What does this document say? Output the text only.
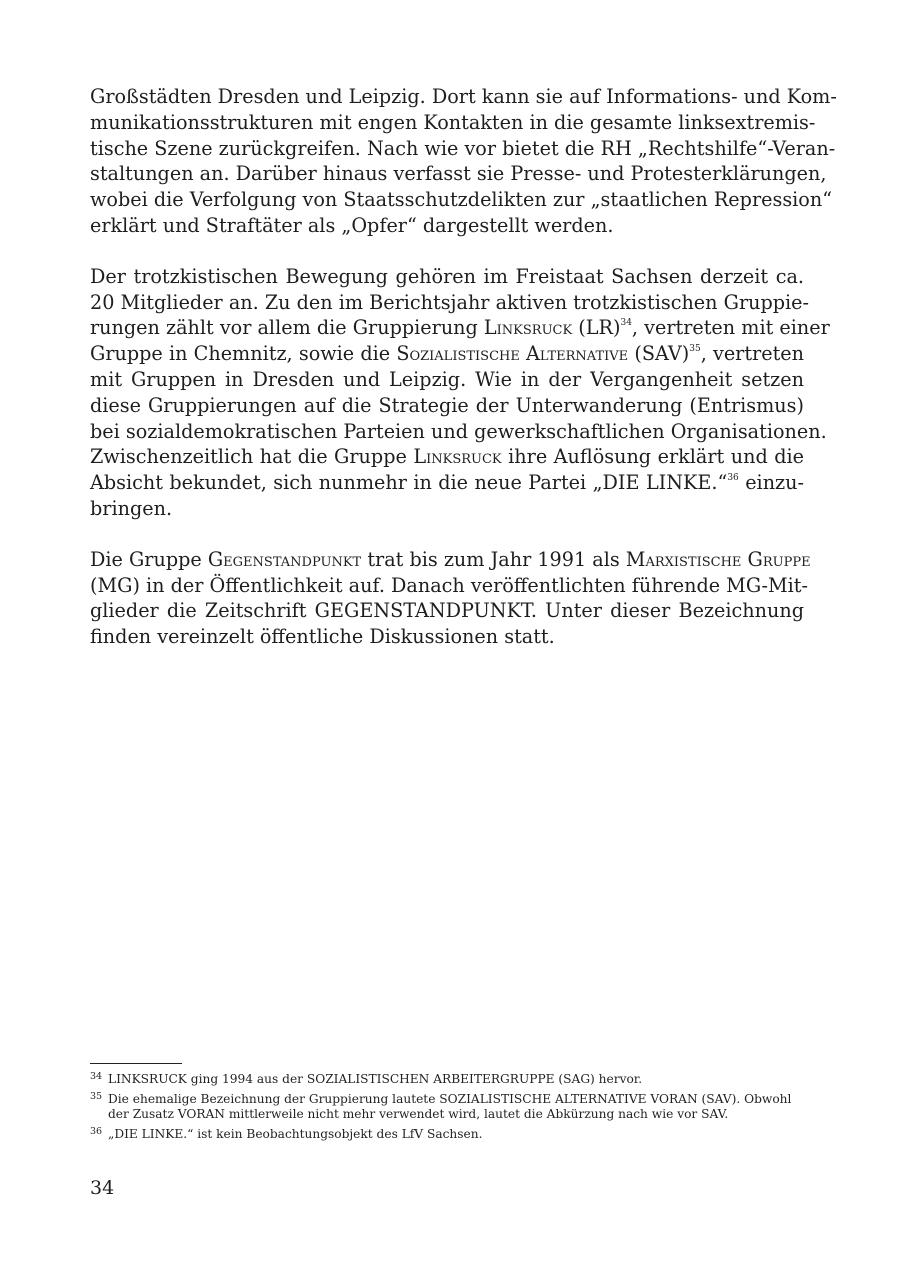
Großstädten Dresden und Leipzig. Dort kann sie auf Informations- und Kom-
munikationsstrukturen mit engen Kontakten in die gesamte linksextremis-
tische Szene zurückgreifen. Nach wie vor bietet die RH „Rechtshilfe“-Veran-
staltungen an. Darüber hinaus verfasst sie Presse- und Protesterklärungen,
wobei die Verfolgung von Staatsschutzdelikten zur „staatlichen Repression“
erklärt und Straftäter als „Opfer“ dargestellt werden.

Der trotzkistischen Bewegung gehören im Freistaat Sachsen derzeit ca.
20 Mitglieder an. Zu den im Berichtsjahr aktiven trotzkistischen Gruppie-
rungen zählt vor allem die Gruppierung Linksruck (LR)$^{34}$, vertreten mit einer
Gruppe in Chemnitz, sowie die Sozialistische Alternative (SAV)$^{35}$, vertreten
mit Gruppen in Dresden und Leipzig. Wie in der Vergangenheit setzen
diese Gruppierungen auf die Strategie der Unterwanderung (Entrismus)
bei sozialdemokratischen Parteien und gewerkschaftlichen Organisationen.
Zwischenzeitlich hat die Gruppe Linksruck ihre Auflösung erklärt und die
Absicht bekundet, sich nunmehr in die neue Partei „DIE LINKE.“$^{36}$ einzu-
bringen.

Die Gruppe Gegenstandpunkt trat bis zum Jahr 1991 als Marxistische Gruppe
(MG) in der Öffentlichkeit auf. Danach veröffentlichten führende MG-Mit-
glieder die Zeitschrift GEGENSTANDPUNKT. Unter dieser Bezeichnung
finden vereinzelt öffentliche Diskussionen statt.

34 LINKSRUCK ging 1994 aus der SOZIALISTISCHEN ARBEITERGRUPPE (SAG) hervor.
35 Die ehemalige Bezeichnung der Gruppierung lautete SOZIALISTISCHE ALTERNATIVE VORAN (SAV). Obwohl der Zusatz VORAN mittlerweile nicht mehr verwendet wird, lautet die Abkürzung nach wie vor SAV.
36 „DIE LINKE.“ ist kein Beobachtungsobjekt des LfV Sachsen.
34
